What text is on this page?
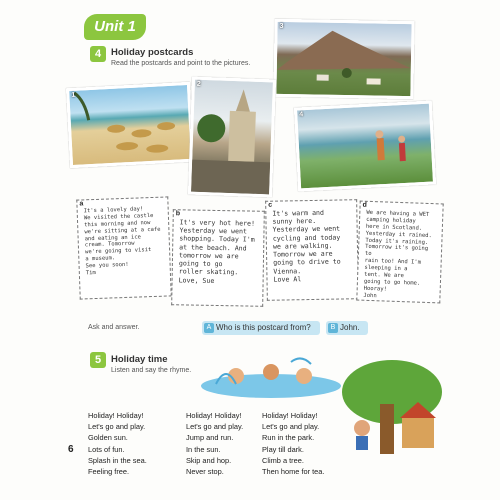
Unit 1
4	Holiday postcards
Read the postcards and point to the pictures.
3
1
2
4
a
It's a lovely day!
We visited the castle
this morning and now
we're sitting at a cafe
and eating an ice
cream. Tomorrow
we're going to visit
a museum.
See you soon!
Tim
b
It's very hot here!
Yesterday we went
shopping. Today I'm
at the beach. And
tomorrow we are
going to go
roller skating.
Love, Sue
c
It's warm and
sunny here.
Yesterday we went
cycling and today
we are walking.
Tomorrow we are
going to drive to
Vienna.
Love Al
d
We are having a WET
camping holiday
here in Scotland.
Yesterday it rained.
Today it's raining.
Tomorrow it's going to
rain too! And I'm
sleeping in a
tent. We are
going to go home.
Hooray!
John
Ask and answer.	A Who is this postcard from?	B John.
5	Holiday time
Listen and say the rhyme.
Holiday! Holiday!
Let's go and play.
Golden sun.
Lots of fun.
Splash in the sea.
Feeling free.
Holiday! Holiday!
Let's go and play.
Jump and run.
In the sun.
Skip and hop.
Never stop.
Holiday! Holiday!
Let's go and play.
Run in the park.
Play till dark.
Climb a tree.
Then home for tea.
6
